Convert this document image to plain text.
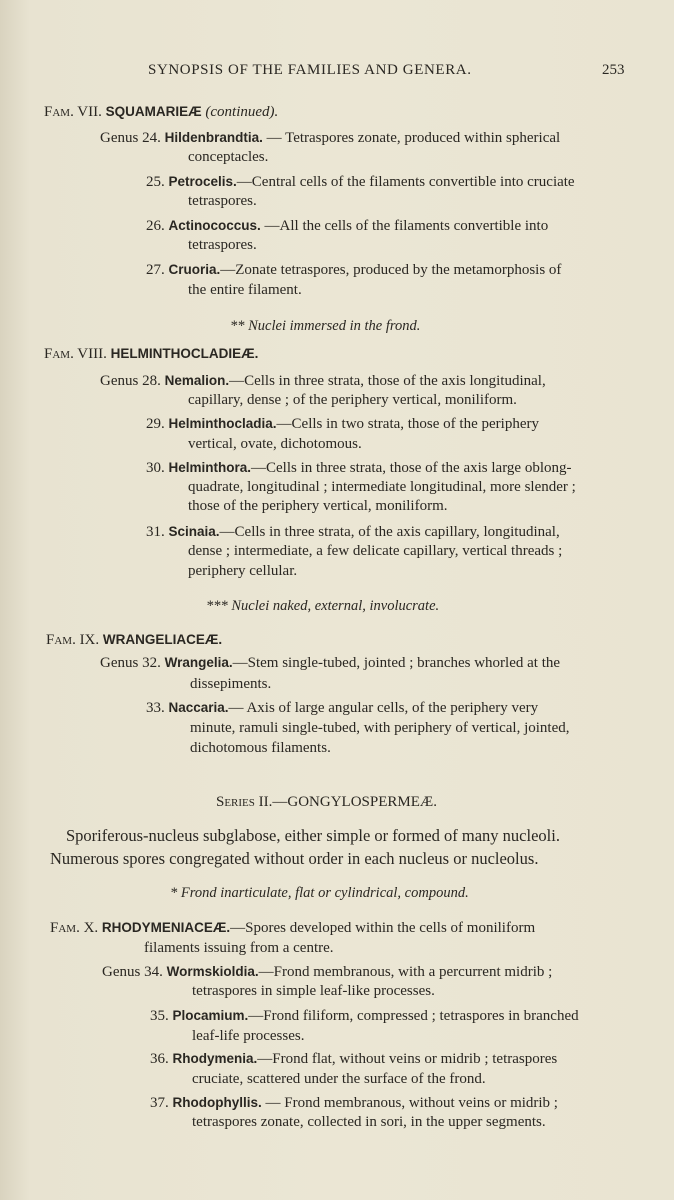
SYNOPSIS OF THE FAMILIES AND GENERA.	253
Fam. VII. SQUAMARIEÆ (continued).
Genus 24. Hildenbrandtia. — Tetraspores zonate, produced within spherical
conceptacles.
25. Petrocelis.—Central cells of the filaments convertible into cruciate
tetraspores.
26. Actinococcus. —All the cells of the filaments convertible into
tetraspores.
27. Cruoria.—Zonate tetraspores, produced by the metamorphosis of
the entire filament.
** Nuclei immersed in the frond.
Fam. VIII. HELMINTHOCLADIEÆ.
Genus 28. Nemalion.—Cells in three strata, those of the axis longitudinal,
capillary, dense ; of the periphery vertical, moniliform.
29. Helminthocladia.—Cells in two strata, those of the periphery
vertical, ovate, dichotomous.
30. Helminthora.—Cells in three strata, those of the axis large oblong-
quadrate, longitudinal ; intermediate longitudinal, more slender ;
those of the periphery vertical, moniliform.
31. Scinaia.—Cells in three strata, of the axis capillary, longitudinal,
dense ; intermediate, a few delicate capillary, vertical threads ;
periphery cellular.
*** Nuclei naked, external, involucrate.
Fam. IX. WRANGELIACEÆ.
Genus 32. Wrangelia.—Stem single-tubed, jointed ; branches whorled at the
dissepiments.
33. Naccaria.— Axis of large angular cells, of the periphery very
minute, ramuli single-tubed, with periphery of vertical, jointed,
dichotomous filaments.
Series II.—GONGYLOSPERMEÆ.
Sporiferous-nucleus subglabose, either simple or formed of many nucleoli.
Numerous spores congregated without order in each nucleus or nucleolus.
* Frond inarticulate, flat or cylindrical, compound.
Fam. X. RHODYMENIACEÆ.—Spores developed within the cells of moniliform
filaments issuing from a centre.
Genus 34. Wormskioldia.—Frond membranous, with a percurrent midrib ;
tetraspores in simple leaf-like processes.
35. Plocamium.—Frond filiform, compressed ; tetraspores in branched
leaf-life processes.
36. Rhodymenia.—Frond flat, without veins or midrib ; tetraspores
cruciate, scattered under the surface of the frond.
37. Rhodophyllis. — Frond membranous, without veins or midrib ;
tetraspores zonate, collected in sori, in the upper segments.
